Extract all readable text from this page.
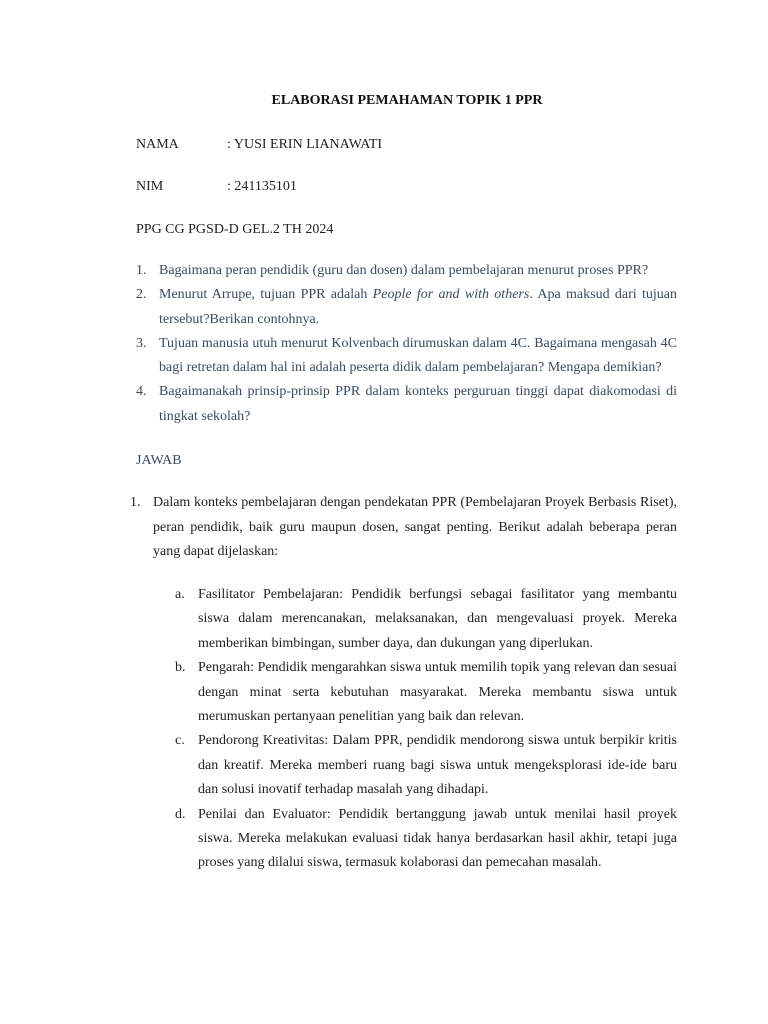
ELABORASI PEMAHAMAN TOPIK 1 PPR
NAMA	: YUSI ERIN LIANAWATI
NIM	: 241135101
PPG CG PGSD-D GEL.2 TH 2024
1. Bagaimana peran pendidik (guru dan dosen) dalam pembelajaran menurut proses PPR?
2. Menurut Arrupe, tujuan PPR adalah People for and with others. Apa maksud dari tujuan tersebut?Berikan contohnya.
3. Tujuan manusia utuh menurut Kolvenbach dirumuskan dalam 4C. Bagaimana mengasah 4C bagi retretan dalam hal ini adalah peserta didik dalam pembelajaran? Mengapa demikian?
4. Bagaimanakah prinsip-prinsip PPR dalam konteks perguruan tinggi dapat diakomodasi di tingkat sekolah?
JAWAB
1. Dalam konteks pembelajaran dengan pendekatan PPR (Pembelajaran Proyek Berbasis Riset), peran pendidik, baik guru maupun dosen, sangat penting. Berikut adalah beberapa peran yang dapat dijelaskan:
a. Fasilitator Pembelajaran: Pendidik berfungsi sebagai fasilitator yang membantu siswa dalam merencanakan, melaksanakan, dan mengevaluasi proyek. Mereka memberikan bimbingan, sumber daya, dan dukungan yang diperlukan.
b. Pengarah: Pendidik mengarahkan siswa untuk memilih topik yang relevan dan sesuai dengan minat serta kebutuhan masyarakat. Mereka membantu siswa untuk merumuskan pertanyaan penelitian yang baik dan relevan.
c. Pendorong Kreativitas: Dalam PPR, pendidik mendorong siswa untuk berpikir kritis dan kreatif. Mereka memberi ruang bagi siswa untuk mengeksplorasi ide-ide baru dan solusi inovatif terhadap masalah yang dihadapi.
d. Penilai dan Evaluator: Pendidik bertanggung jawab untuk menilai hasil proyek siswa. Mereka melakukan evaluasi tidak hanya berdasarkan hasil akhir, tetapi juga proses yang dilalui siswa, termasuk kolaborasi dan pemecahan masalah.
